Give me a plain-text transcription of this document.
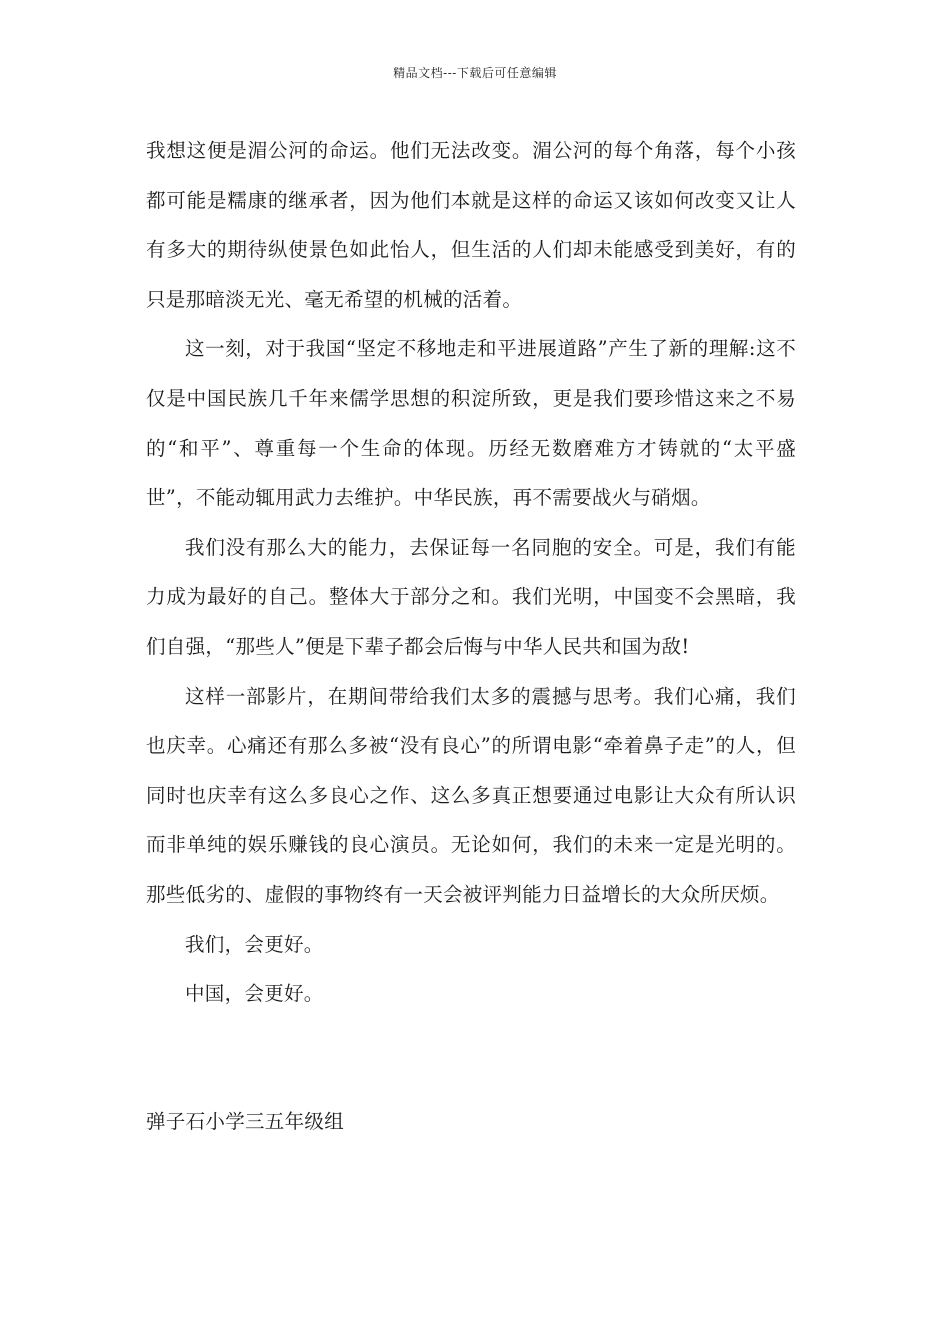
精品文档---下载后可任意编辑

我想这便是湄公河的命运。他们无法改变。湄公河的每个角落，每个小孩都可能是糯康的继承者，因为他们本就是这样的命运又该如何改变又让人有多大的期待纵使景色如此怡人，但生活的人们却未能感受到美好，有的只是那暗淡无光、毫无希望的机械的活着。

这一刻，对于我国“坚定不移地走和平进展道路”产生了新的理解:这不仅是中国民族几千年来儒学思想的积淀所致，更是我们要珍惜这来之不易的“和平”、尊重每一个生命的体现。历经无数磨难方才铸就的“太平盛世”，不能动辄用武力去维护。中华民族，再不需要战火与硝烟。

我们没有那么大的能力，去保证每一名同胞的安全。可是，我们有能力成为最好的自己。整体大于部分之和。我们光明，中国变不会黑暗，我们自强，“那些人”便是下辈子都会后悔与中华人民共和国为敌!

这样一部影片，在期间带给我们太多的震撼与思考。我们心痛，我们也庆幸。心痛还有那么多被“没有良心”的所谓电影“牵着鼻子走”的人，但同时也庆幸有这么多良心之作、这么多真正想要通过电影让大众有所认识而非单纯的娱乐赚钱的良心演员。无论如何，我们的未来一定是光明的。那些低劣的、虚假的事物终有一天会被评判能力日益增长的大众所厌烦。

我们，会更好。

中国，会更好。

弹子石小学三五年级组
